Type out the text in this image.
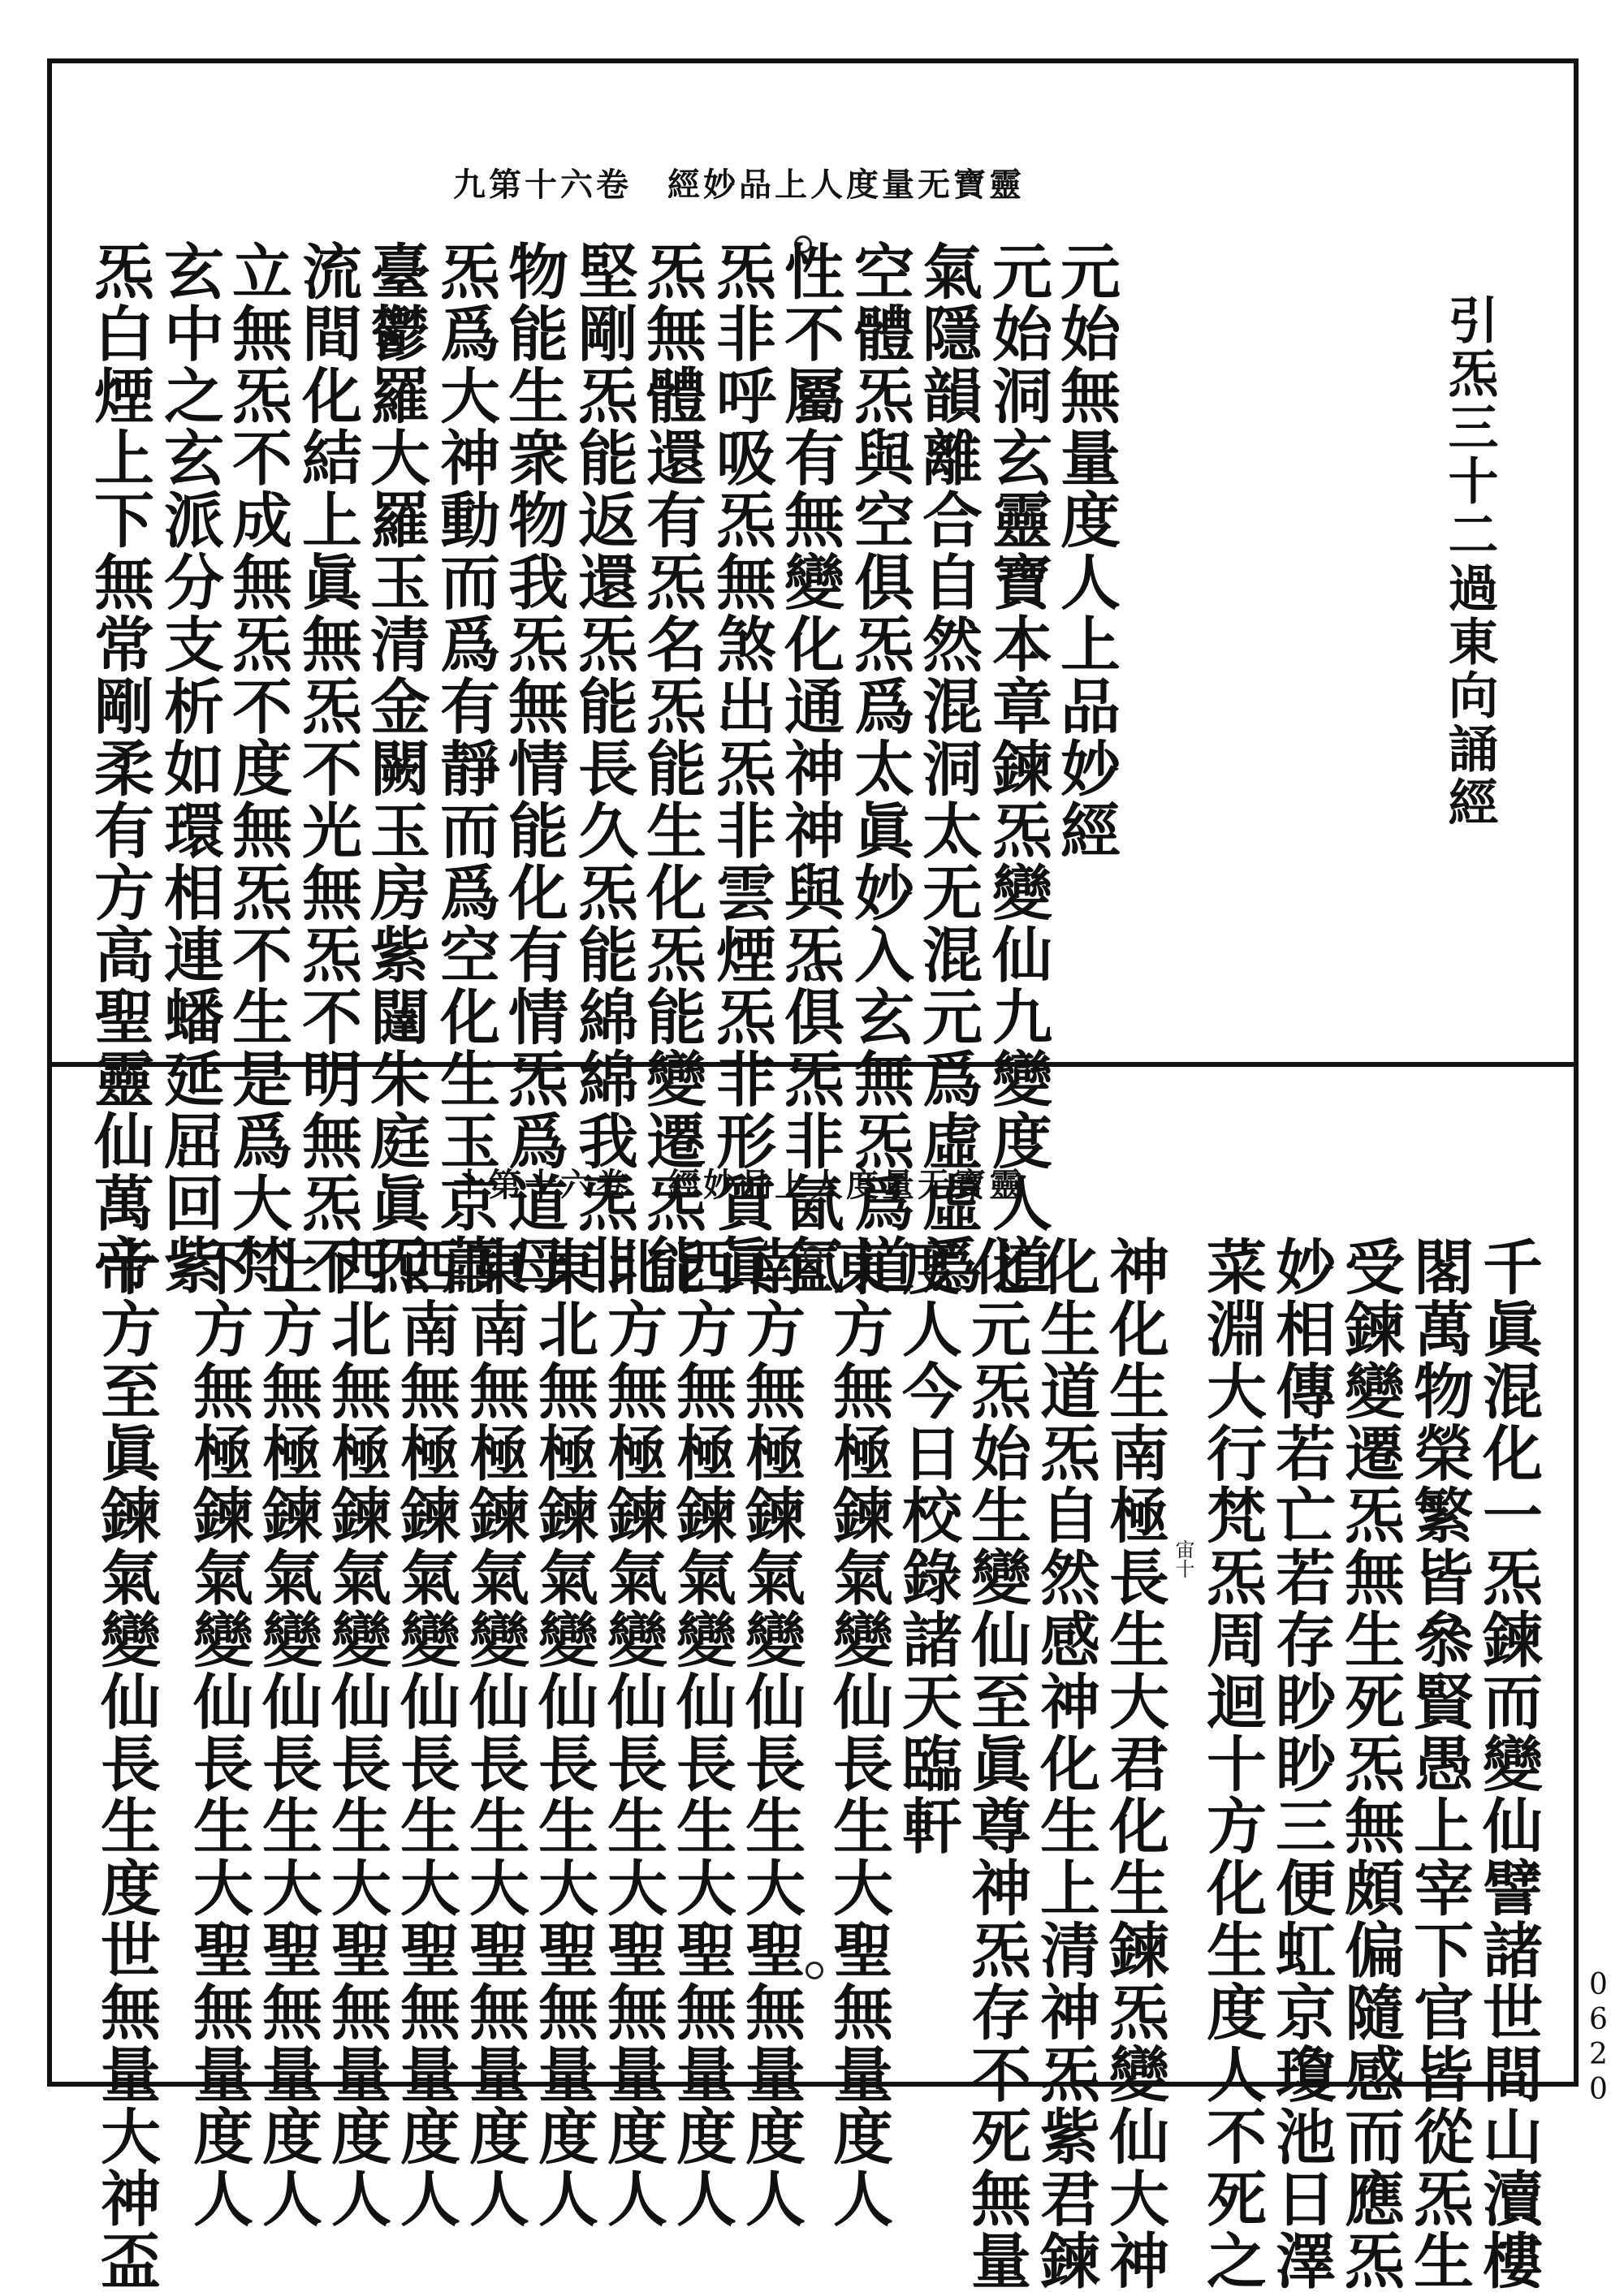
靈寶无量度人上品妙經　卷六十第九
引炁三十二過東向誦經
元始無量度人上品妙經
元始洞玄靈寶本章鍊炁變仙九變度人道
氣隱韻離合自然混洞太无混元爲虛虛爲
空體炁與空俱炁爲太眞妙入玄無炁爲道
性不屬有無變化通神神與炁俱炁非氤氳
炁非呼吸炁無煞出炁非雲煙炁非形質眞
炁無體還有炁名炁能生化炁能變遷炁能
堅剛炁能返還炁能長久炁能綿綿我炁非
物能生衆物我炁無情能化有情炁爲道母
炁爲大神動而爲有靜而爲空化生玉京蕭
臺鬱羅大羅玉清金闕玉房紫闥朱庭眞炁
流間化結上眞無炁不光無炁不明無炁不
立無炁不成無炁不度無炁不生是爲大梵
玄中之玄派分支析如環相連蟠延屈回紫
炁白煙上下無常剛柔有方高聖靈仙萬帝	靈寶无量度人上品妙經　卷六十第十
0620
宙十	千眞混化一炁鍊而變仙譬諸世間山瀆樓
閣萬物榮繁皆叅賢愚上宰下官皆從炁生
受鍊變遷炁無生死炁無頗偏隨感而應炁
妙相傳若亡若存眇眇三便虹京瓊池日澤
菜淵大行梵炁周迴十方化生度人不死之
神化生南極長生大君化生鍊炁變仙大神
化生道炁自然感神化生上清神炁紫君鍊
化元炁始生變仙至眞尊神炁存不死無量
度人今日校錄諸天臨軒
東方無極鍊氣變仙長生大聖無量度人
南方無極鍊氣變仙長生大聖無量度人
西方無極鍊氣變仙長生大聖無量度人
北方無極鍊氣變仙長生大聖無量度人
東北無極鍊氣變仙長生大聖無量度人
東南無極鍊氣變仙長生大聖無量度人
西南無極鍊氣變仙長生大聖無量度人
西北無極鍊氣變仙長生大聖無量度人
上方無極鍊氣變仙長生大聖無量度人
下方無極鍊氣變仙長生大聖無量度人
十方至眞鍊氣變仙長生度世無量大神盃
